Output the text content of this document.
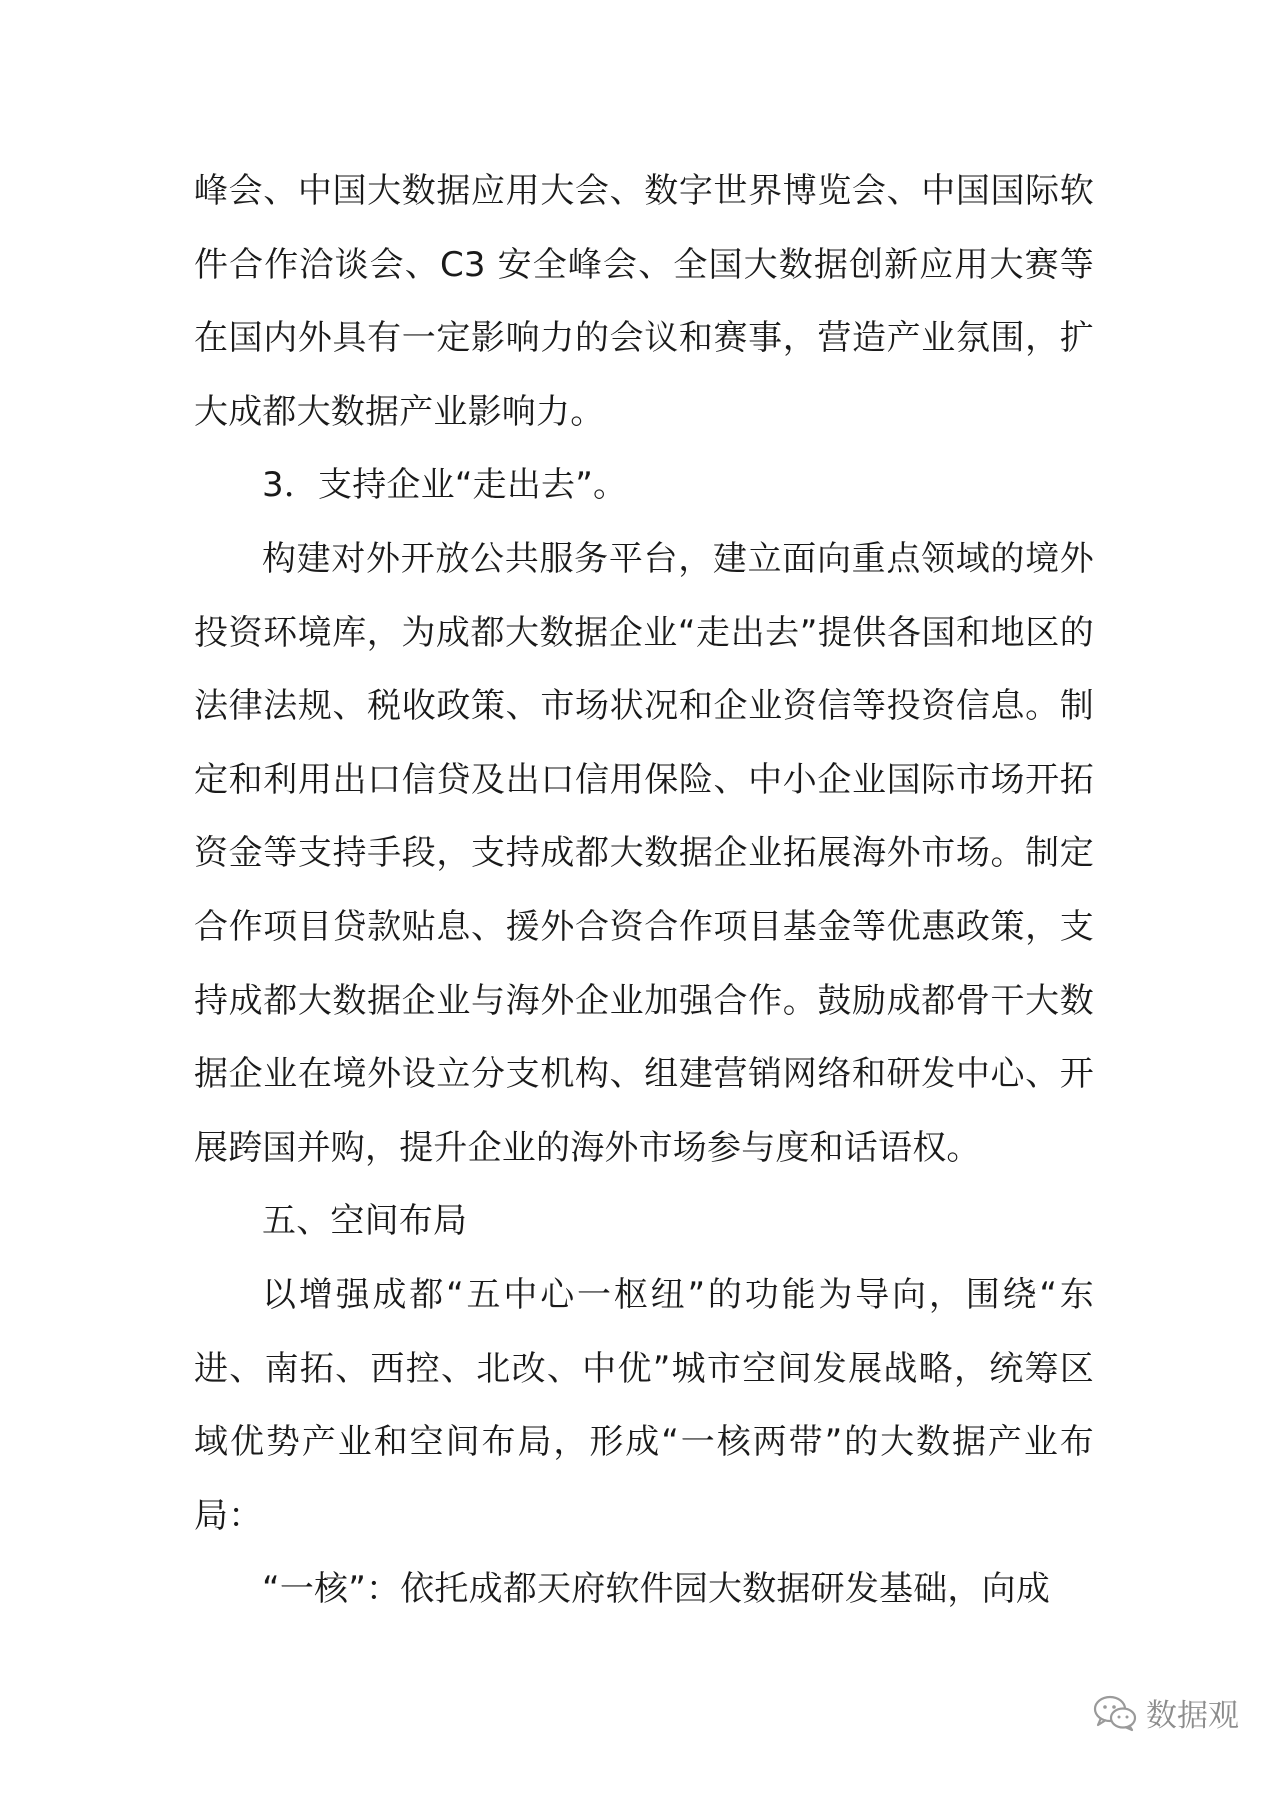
峰会、中国大数据应用大会、数字世界博览会、中国国际软件合作洽谈会、C3 安全峰会、全国大数据创新应用大赛等在国内外具有一定影响力的会议和赛事，营造产业氛围，扩大成都大数据产业影响力。

3．支持企业“走出去”。

构建对外开放公共服务平台，建立面向重点领域的境外投资环境库，为成都大数据企业“走出去”提供各国和地区的法律法规、税收政策、市场状况和企业资信等投资信息。制定和利用出口信贷及出口信用保险、中小企业国际市场开拓资金等支持手段，支持成都大数据企业拓展海外市场。制定合作项目贷款贴息、援外合资合作项目基金等优惠政策，支持成都大数据企业与海外企业加强合作。鼓励成都骨干大数据企业在境外设立分支机构、组建营销网络和研发中心、开展跨国并购，提升企业的海外市场参与度和话语权。

五、空间布局

以增强成都“五中心一枢纽”的功能为导向，围绕“东进、南拓、西控、北改、中优”城市空间发展战略，统筹区域优势产业和空间布局，形成“一核两带”的大数据产业布局：

“一核”：依托成都天府软件园大数据研发基础，向成

数据观
